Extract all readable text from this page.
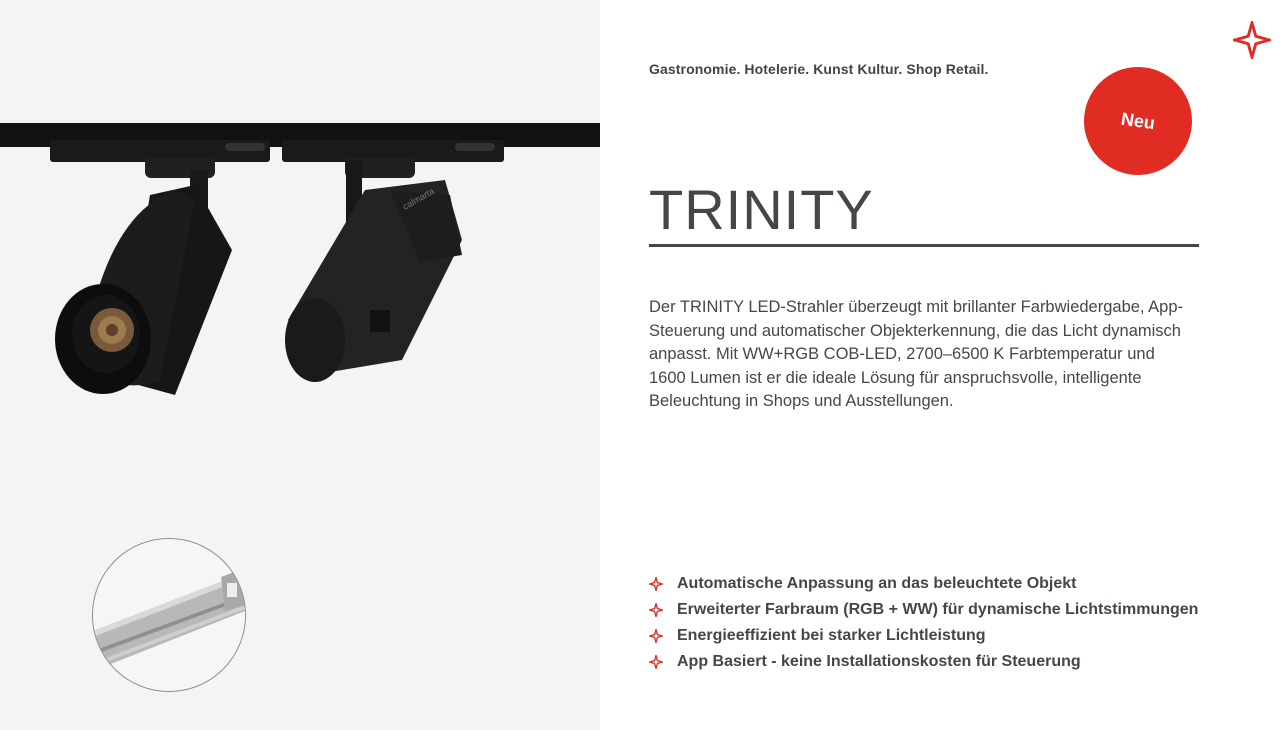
calmarta
Gastronomie. Hotelerie. Kunst Kultur. Shop Retail.
Neu
TRINITY

Der TRINITY LED-Strahler überzeugt mit brillanter Farbwiedergabe, App-Steuerung und automatischer Objekterkennung, die das Licht dynamisch anpasst. Mit WW+RGB COB-LED, 2700–6500 K Farbtemperatur und 1600 Lumen ist er die ideale Lösung für anspruchsvolle, intelligente Beleuchtung in Shops und Ausstellungen.

Automatische Anpassung an das beleuchtete Objekt
Erweiterter Farbraum (RGB + WW) für dynamische Lichtstimmungen
Energieeffizient bei starker Lichtleistung
App Basiert - keine Installationskosten für Steuerung
